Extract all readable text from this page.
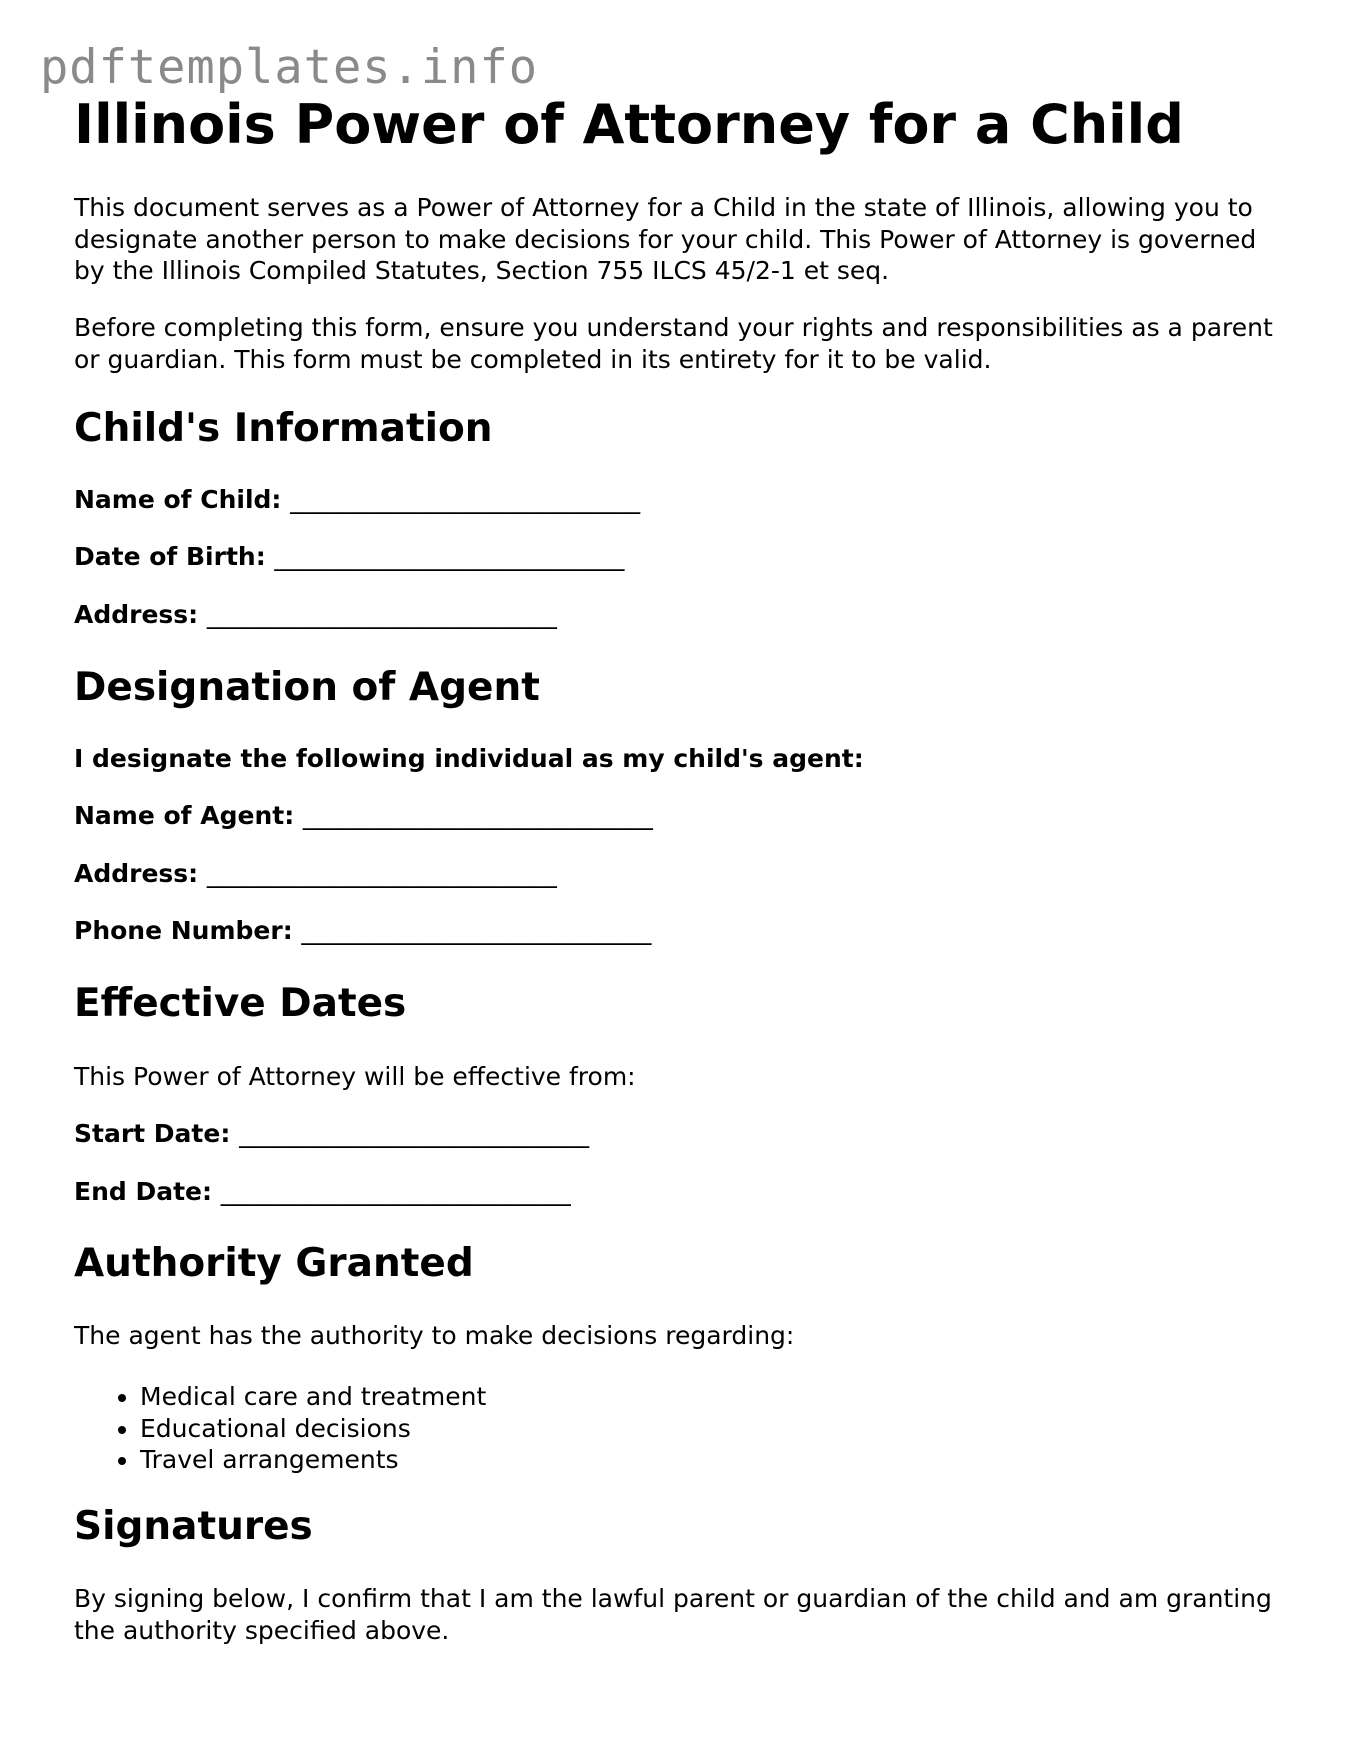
pdftemplates.info
Illinois Power of Attorney for a Child

This document serves as a Power of Attorney for a Child in the state of Illinois, allowing you to designate another person to make decisions for your child. This Power of Attorney is governed by the Illinois Compiled Statutes, Section 755 ILCS 45/2-1 et seq.

Before completing this form, ensure you understand your rights and responsibilities as a parent or guardian. This form must be completed in its entirety for it to be valid.

Child's Information

Name of Child: ____________________________

Date of Birth: ____________________________

Address: ____________________________

Designation of Agent

I designate the following individual as my child's agent:

Name of Agent: ____________________________

Address: ____________________________

Phone Number: ____________________________

Effective Dates

This Power of Attorney will be effective from:

Start Date: ____________________________

End Date: ____________________________

Authority Granted

The agent has the authority to make decisions regarding:

• Medical care and treatment
• Educational decisions
• Travel arrangements
Signatures

By signing below, I confirm that I am the lawful parent or guardian of the child and am granting the authority specified above.
